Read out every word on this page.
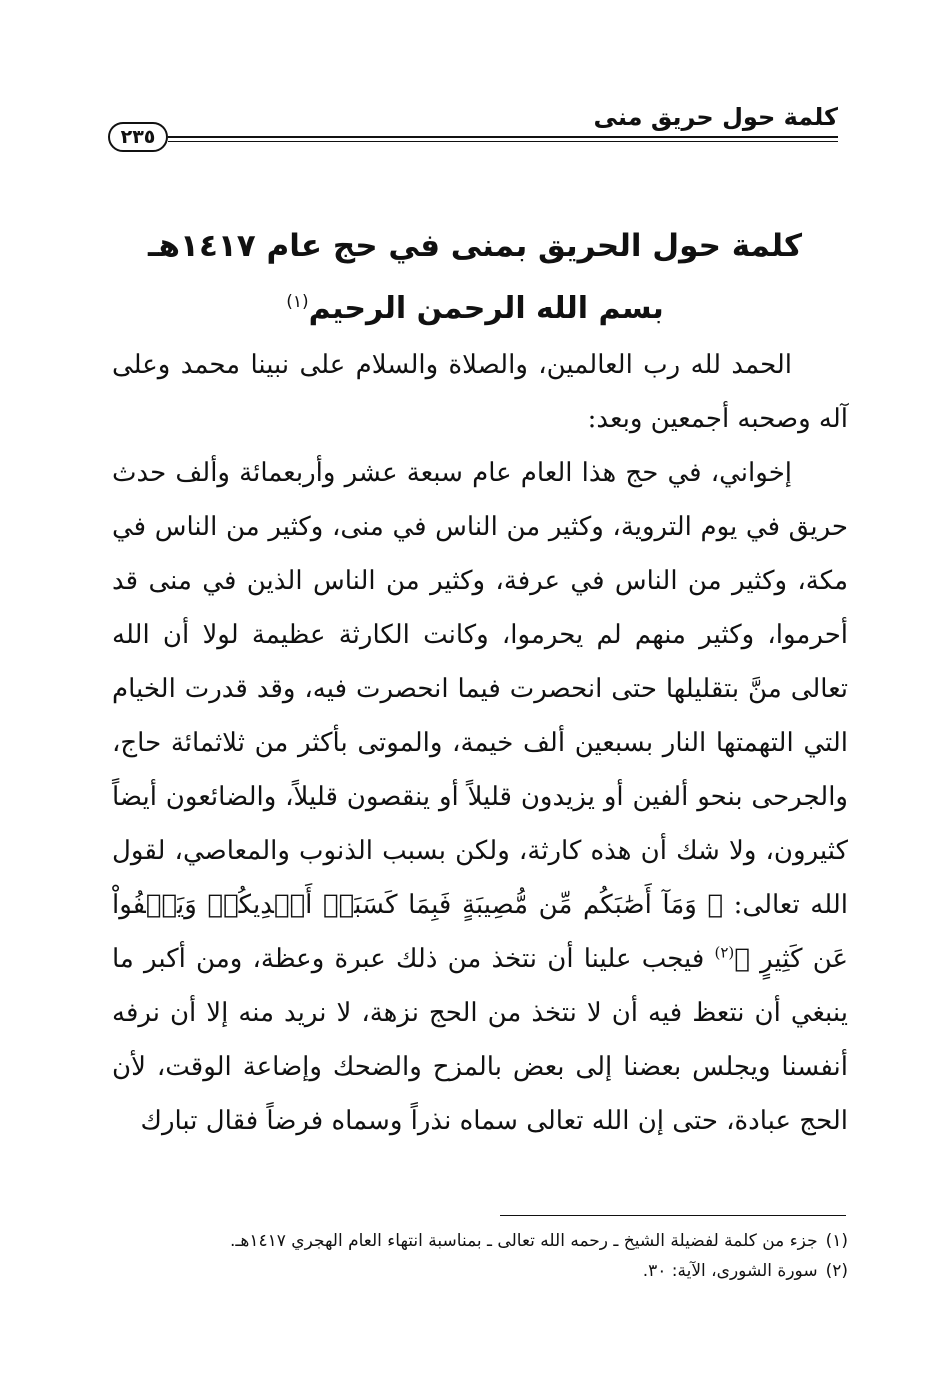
كلمة حول حريق منى
٢٣٥
كلمة حول الحريق بمنى في حج عام ١٤١٧هـ
بسم الله الرحمن الرحيم$^{(١)}$

الحمد لله رب العالمين، والصلاة والسلام على نبينا محمد وعلى آله وصحبه أجمعين وبعد:

إخواني، في حج هذا العام عام سبعة عشر وأربعمائة وألف حدث حريق في يوم التروية، وكثير من الناس في منى، وكثير من الناس في مكة، وكثير من الناس في عرفة، وكثير من الناس الذين في منى قد أحرموا، وكثير منهم لم يحرموا، وكانت الكارثة عظيمة لولا أن الله تعالى منَّ بتقليلها حتى انحصرت فيما انحصرت فيه، وقد قدرت الخيام التي التهمتها النار بسبعين ألف خيمة، والموتى بأكثر من ثلاثمائة حاج، والجرحى بنحو ألفين أو يزيدون قليلاً أو ينقصون قليلاً، والضائعون أيضاً كثيرون، ولا شك أن هذه كارثة، ولكن بسبب الذنوب والمعاصي، لقول الله تعالى: ﴿ وَمَآ أَصَٰبَكُم مِّن مُّصِيبَةٍ فَبِمَا كَسَبَتۡ أَيۡدِيكُمۡ وَيَعۡفُواْ عَن كَثِيرٍ ﴾$^{(٢)}$ فيجب علينا أن نتخذ من ذلك عبرة وعظة، ومن أكبر ما ينبغي أن نتعظ فيه أن لا نتخذ من الحج نزهة، لا نريد منه إلا أن نرفه أنفسنا ويجلس بعضنا إلى بعض بالمزح والضحك وإضاعة الوقت، لأن الحج عبادة، حتى إن الله تعالى سماه نذراً وسماه فرضاً فقال تبارك

(١)جزء من كلمة لفضيلة الشيخ ـ رحمه الله تعالى ـ بمناسبة انتهاء العام الهجري ١٤١٧هـ.
(٢)سورة الشورى، الآية: ٣٠.
